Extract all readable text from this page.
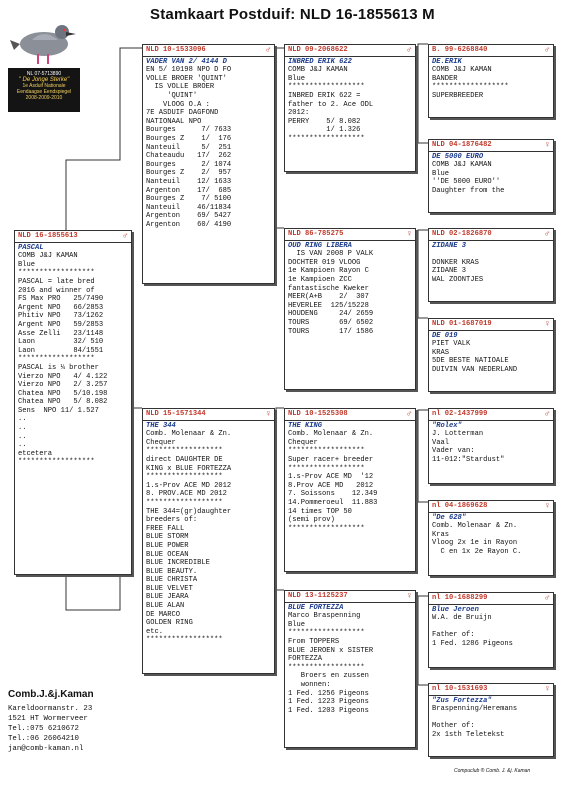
Stamkaart Postduif: NLD 16-1855613 M
NL 07-5713890
" De Jonge Sterke"
1e Asduif Nationale
Eendaagse Eendspiegel
2008-2009-2010
NLD 16-1855613	♂
PASCAL
COMB J&J KAMAN
Blue
******************
PASCAL = late bred
2016 and winner of
FS Max PRO   25/7490
Argent NPO   66/2853
Phitiv NPO   73/1262
Argent NPO   59/2853
Asse Zelli   23/1148
Laon         32/ 510
Laon         84/1551
******************
PASCAL is ¼ brother
Vierzo NPO   4/ 4.122
Vierzo NPO   2/ 3.257
Chatea NPO   5/10.198
Chatea NPO   5/ 8.082
Sens  NPO 11/ 1.527
..
..
..
..
etcetera
******************
NLD 10-1533096	♂
VADER VAN 2/ 4144 D
EN 5/ 10198 NPO D FO
VOLLE BROER 'QUINT'
IS VOLLE BROER
'QUINT'
VLOOG O.A :
7E ASDUIF DAGFOND
NATIONAAL NPO
Bourges      7/ 7633
Bourges Z    1/  176
Nanteuil     5/  251
Chateaudu   17/  262
Bourges      2/ 1074
Bourges Z    2/  957
Nanteuil    12/ 1633
Argenton    17/  685
Bourges Z    7/ 5100
Nanteuil    46/11834
Argenton    69/ 5427
Argenton    60/ 4190
NLD 15-1571344	♀
THE 344
Comb. Molenaar & Zn.
Chequer
******************
direct DAUGHTER DE
KING x BLUE FORTEZZA
******************
1.s-Prov ACE MD 2012
8. PROV.ACE MD 2012
******************
THE 344=(gr)daughter
breeders of:
FREE FALL
BLUE STORM
BLUE POWER
BLUE OCEAN
BLUE INCREDIBLE
BLUE BEAUTY.
BLUE CHRISTA
BLUE VELVET
BLUE JEARA
BLUE ALAN
DE MARCO
GOLDEN RING
etc.
******************
NLD 09-2068622	♂
INBRED ERIK 622
COMB J&J KAMAN
Blue
******************
INBRED ERIK 622 =
father to 2. Ace ODL
2012:
PERRY    5/ 8.082
1/ 1.326
******************
NLD 86-785275	♀
OUD RING LIBERA
IS VAN 2008 P VALK
DOCHTER 019 VLOOG
1e Kampioen Rayon C
1e Kampioen ZCC
fantastische Kweker
MEER(A+B    2/  307
HEVERLEE  125/15228
HOUDENG     24/ 2659
TOURS       69/ 6502
TOURS       17/ 1586
NLD 10-1525308	♂
THE KING
Comb. Molenaar & Zn.
Chequer
******************
Super racer+ breeder
******************
1.s-Prov ACE MD  '12
8.Prov ACE MD   2012
7. Soissons    12.349
14.Pommeroeul  11.883
14 times TOP 50
(semi prov)
******************
NLD 13-1125237	♀
BLUE FORTEZZA
Marco Braspenning
Blue
******************
From TOPPERS
BLUE JEROEN x SISTER
FORTEZZA
******************
Broers en zussen
wonnen:
1 Fed. 1256 Pigeons
1 Fed. 1223 Pigeons
1 Fed. 1203 Pigeons
B. 99-6268840	♂
DE.ERIK
COMB J&J KAMAN
BANDER
******************
SUPERBREEDER
NLD 04-1876482	♀
DE 5000 EURO
COMB J&J KAMAN
Blue
''DE 5000 EURO''
Daughter from the
NLD 02-1826870	♂
ZIDANE 3

DONKER KRAS
ZIDANE 3
WAL ZOONTJES
NLD 01-1687019	♀
DE 019
PIET VALK
KRAS
5DE BESTE NATIOALE
DUIVIN VAN NEDERLAND
nl 02-1437999	♂
"Rolex"
J. Lotterman
Vaal
Vader van:
11-012:"Stardust"
nl 04-1869628	♀
"De 628"
Comb. Molenaar & Zn.
Kras
Vloog 2x 1e in Rayon
C en 1x 2e Rayon C.
nl 10-1688299	♂
Blue Jeroen
W.A. de Bruijn

Father of:
1 Fed. 1286 Pigeons
nl 10-1531693	♀
"Zus Fortezza"
Braspenning/Heremans

Mother of:
2x 1sth Teletekst
Comb.J.&j.Kaman
Kareldoormanstr. 23
1521 HT Wormerveer
Tel.:075 6210672
Tel.:06 26064210
jan@comb-kaman.nl
Compuclub ® Comb. J. &j. Kaman
